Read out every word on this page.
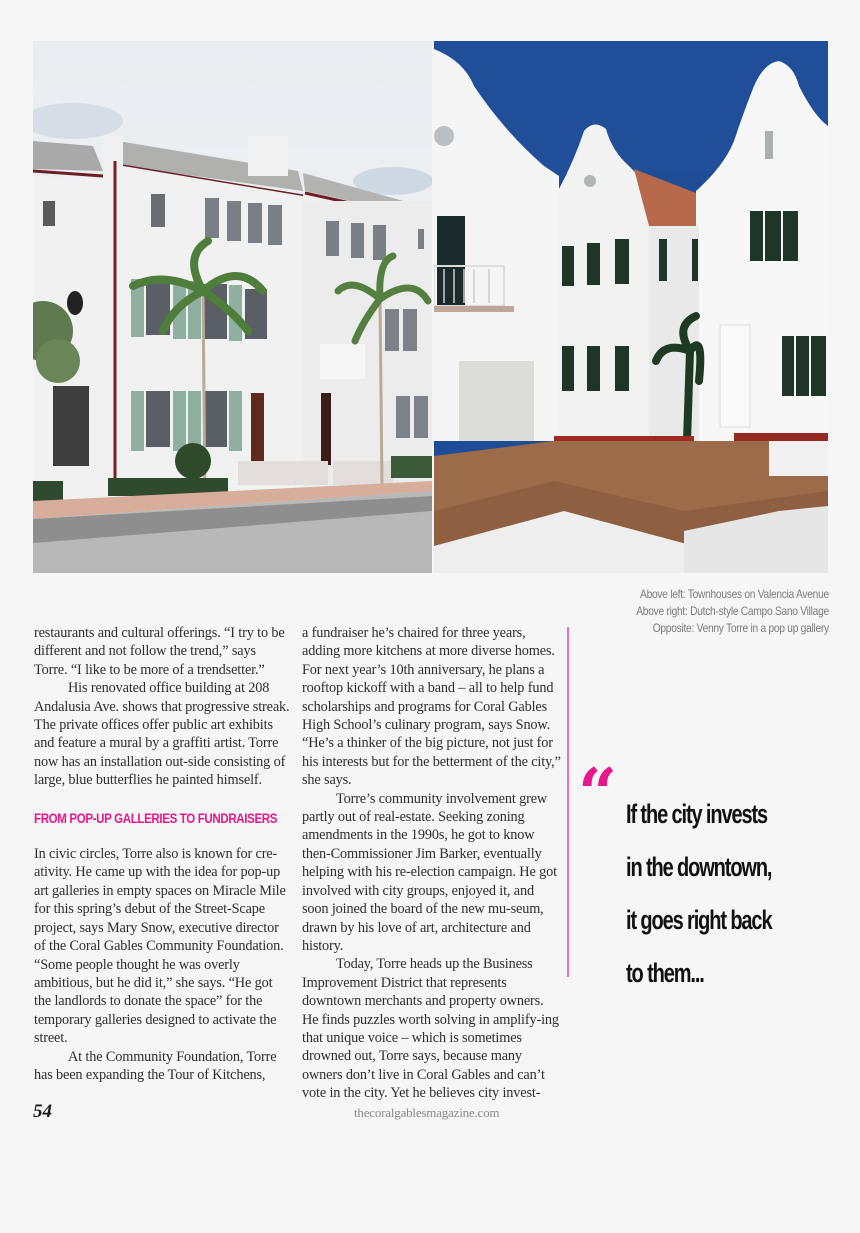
Above left: Townhouses on Valencia Avenue
Above right: Dutch-style Campo Sano Village
Opposite: Venny Torre in a pop up gallery

restaurants and cultural offerings. “I try to be different and not follow the trend,” says Torre. “I like to be more of a trendsetter.”

His renovated office building at 208 Andalusia Ave. shows that progressive streak. The private offices offer public art exhibits and feature a mural by a graffiti artist. Torre now has an installation out-side consisting of large, blue butterflies he painted himself.

FROM POP-UP GALLERIES TO FUNDRAISERS

In civic circles, Torre also is known for cre-ativity. He came up with the idea for pop-up art galleries in empty spaces on Miracle Mile for this spring’s debut of the Street-Scape project, says Mary Snow, executive director of the Coral Gables Community Foundation. “Some people thought he was overly ambitious, but he did it,” she says. “He got the landlords to donate the space” for the temporary galleries designed to activate the street.

At the Community Foundation, Torre has been expanding the Tour of Kitchens,

a fundraiser he’s chaired for three years, adding more kitchens at more diverse homes. For next year’s 10th anniversary, he plans a rooftop kickoff with a band – all to help fund scholarships and programs for Coral Gables High School’s culinary program, says Snow. “He’s a thinker of the big picture, not just for his interests but for the betterment of the city,” she says.

Torre’s community involvement grew partly out of real-estate. Seeking zoning amendments in the 1990s, he got to know then-Commissioner Jim Barker, eventually helping with his re-election campaign. He got involved with city groups, enjoyed it, and soon joined the board of the new mu-seum, drawn by his love of art, architecture and history.

Today, Torre heads up the Business Improvement District that represents downtown merchants and property owners. He finds puzzles worth solving in amplify-ing that unique voice – which is sometimes drowned out, Torre says, because many owners don’t live in Coral Gables and can’t vote in the city. Yet he believes city invest-

“ If the city invests
in the downtown,
it goes right back
to them...
54	thecoralgablesmagazine.com
